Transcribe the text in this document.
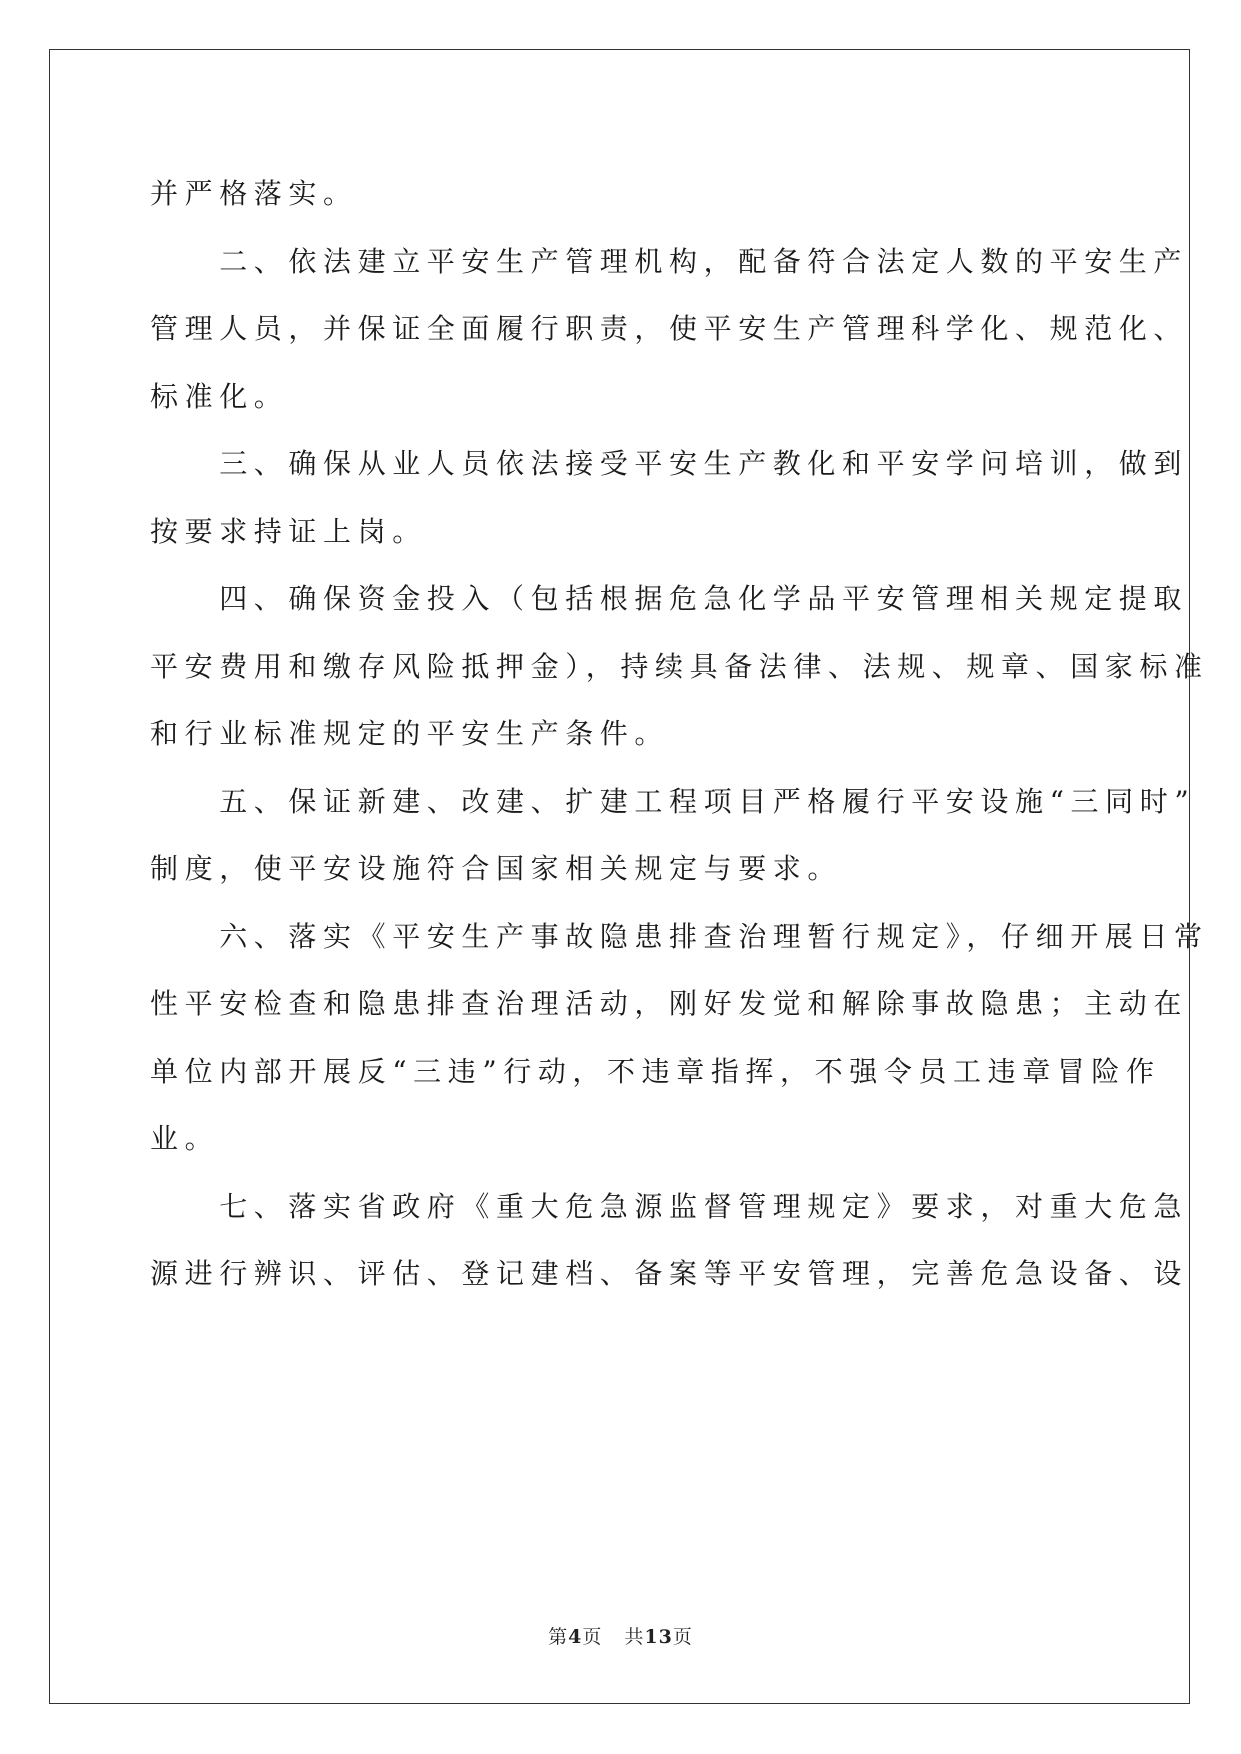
并严格落实。
　　二、依法建立平安生产管理机构，配备符合法定人数的平安生产
管理人员，并保证全面履行职责，使平安生产管理科学化、规范化、
标准化。
　　三、确保从业人员依法接受平安生产教化和平安学问培训，做到
按要求持证上岗。
　　四、确保资金投入（包括根据危急化学品平安管理相关规定提取
平安费用和缴存风险抵押金），持续具备法律、法规、规章、国家标准
和行业标准规定的平安生产条件。
　　五、保证新建、改建、扩建工程项目严格履行平安设施“三同时”
制度，使平安设施符合国家相关规定与要求。
　　六、落实《平安生产事故隐患排查治理暂行规定》，仔细开展日常
性平安检查和隐患排查治理活动，刚好发觉和解除事故隐患；主动在
单位内部开展反“三违”行动，不违章指挥，不强令员工违章冒险作
业。
　　七、落实省政府《重大危急源监督管理规定》要求，对重大危急
源进行辨识、评估、登记建档、备案等平安管理，完善危急设备、设
第4页 共13页
